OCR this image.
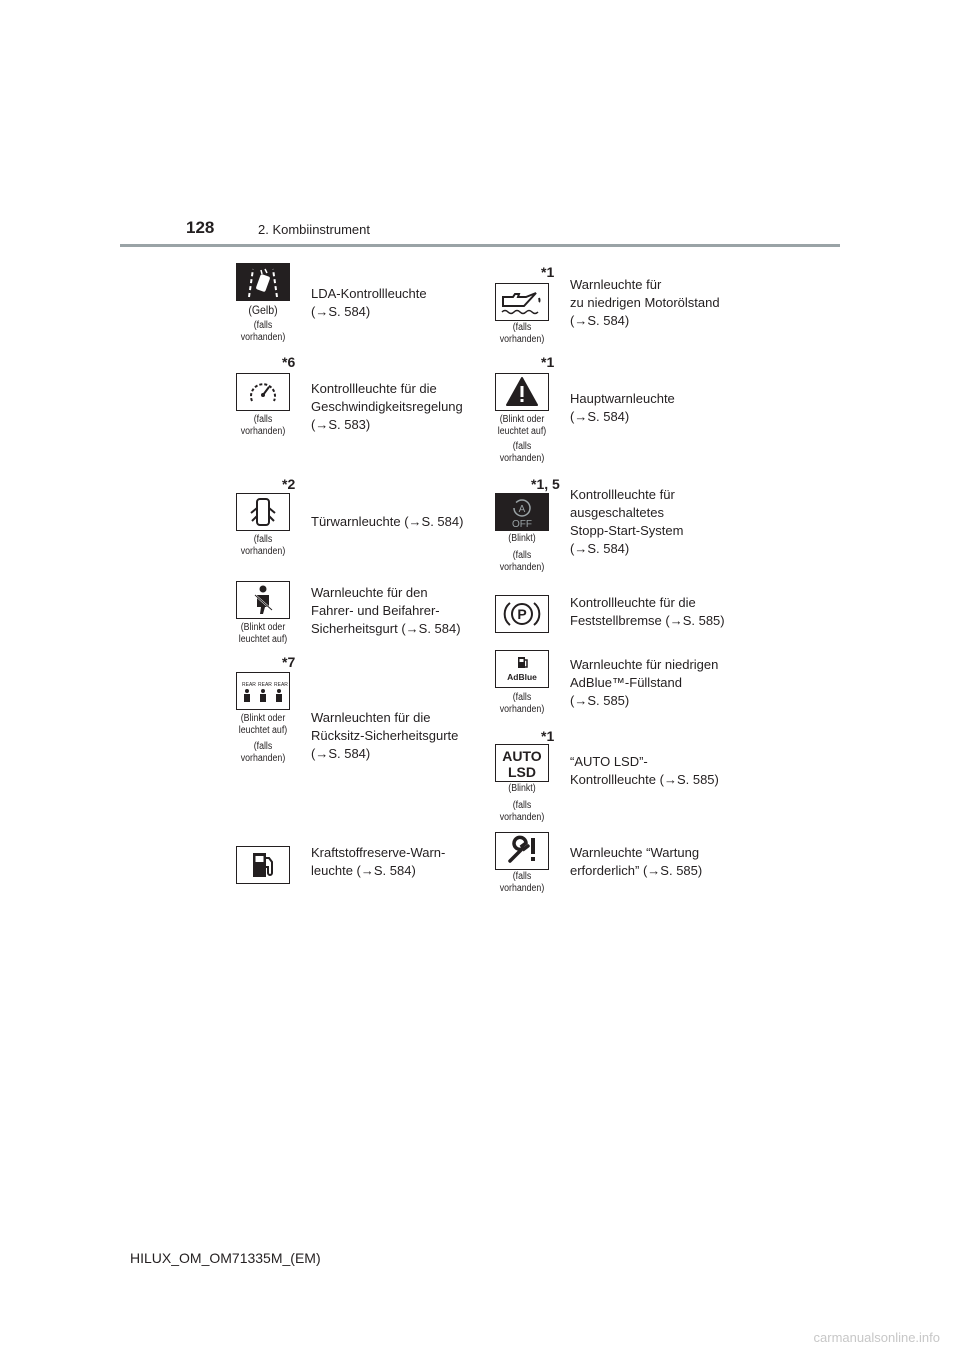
128	2. Kombiinstrument
(Gelb)
(falls
vorhanden)
LDA-Kontrollleuchte
(→S. 584)
*6
(falls
vorhanden)
Kontrollleuchte für die
Geschwindigkeitsregelung
(→S. 583)
*2
(falls
vorhanden)
Türwarnleuchte (→S. 584)
(Blinkt oder
leuchtet auf)
Warnleuchte für den
Fahrer- und Beifahrer-
Sicherheitsgurt (→S. 584)
*7
REAR REAR REAR
(Blinkt oder
leuchtet auf)
(falls
vorhanden)
Warnleuchten für die
Rücksitz-Sicherheitsgurte
(→S. 584)
Kraftstoffreserve-Warn-
leuchte (→S. 584)
*1
(falls
vorhanden)
Warnleuchte für
zu niedrigen Motorölstand
(→S. 584)
*1
(Blinkt oder
leuchtet auf)
(falls
vorhanden)
Hauptwarnleuchte
(→S. 584)
*1, 5
A
OFF
(Blinkt)
(falls
vorhanden)
Kontrollleuchte für
ausgeschaltetes
Stopp-Start-System
(→S. 584)
P
Kontrollleuchte für die
Feststellbremse (→S. 585)
AdBlue
(falls
vorhanden)
Warnleuchte für niedrigen
AdBlue™-Füllstand
(→S. 585)
*1
AUTO
LSD
(Blinkt)
(falls
vorhanden)
“AUTO LSD”-
Kontrollleuchte (→S. 585)
(falls
vorhanden)
Warnleuchte “Wartung
erforderlich” (→S. 585)
HILUX_OM_OM71335M_(EM)
carmanualsonline.info
